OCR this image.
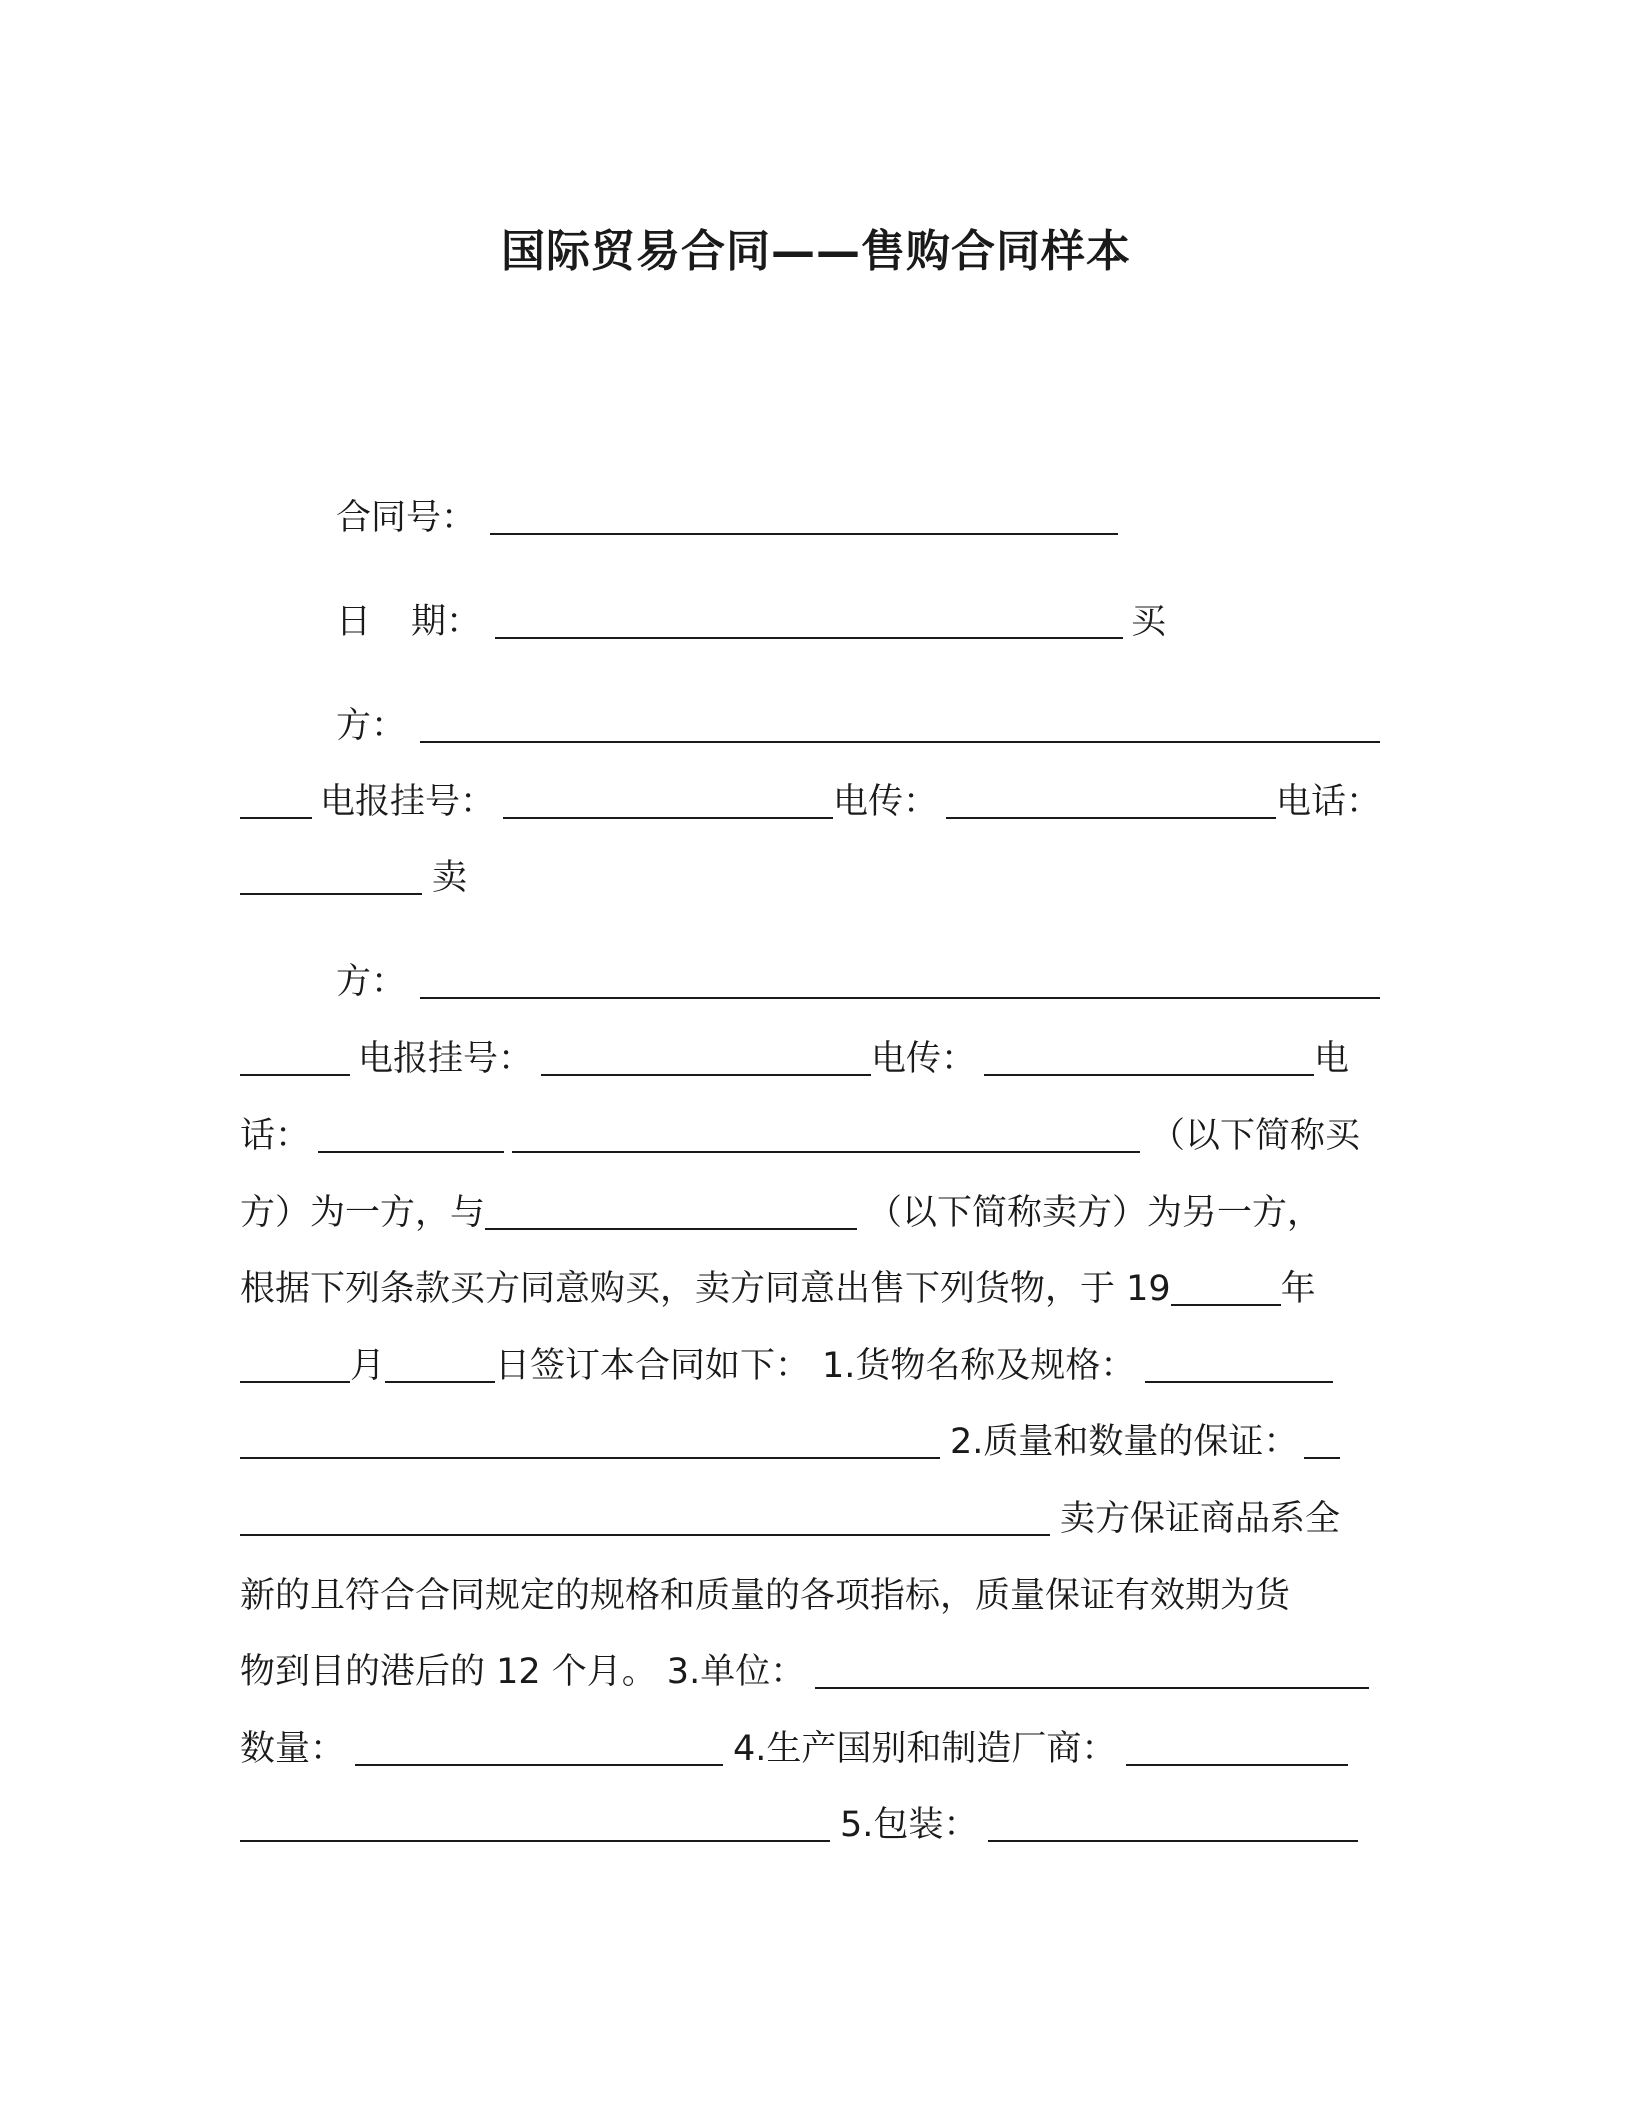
国际贸易合同——售购合同样本
合同号：
日 期：	买
方：
电报挂号：	电传：	电话：
卖
方：
电报挂号：	电传：	电
话：	（以下简称买
方）为一方，与	（以下简称卖方）为另一方，
根据下列条款买方同意购买，卖方同意出售下列货物，于 19	年
月	日签订本合同如下： 1.货物名称及规格：
2.质量和数量的保证：
卖方保证商品系全
新的且符合合同规定的规格和质量的各项指标，质量保证有效期为货
物到目的港后的 12 个月。 3.单位：
数量：	4.生产国别和制造厂商：
5.包装：
